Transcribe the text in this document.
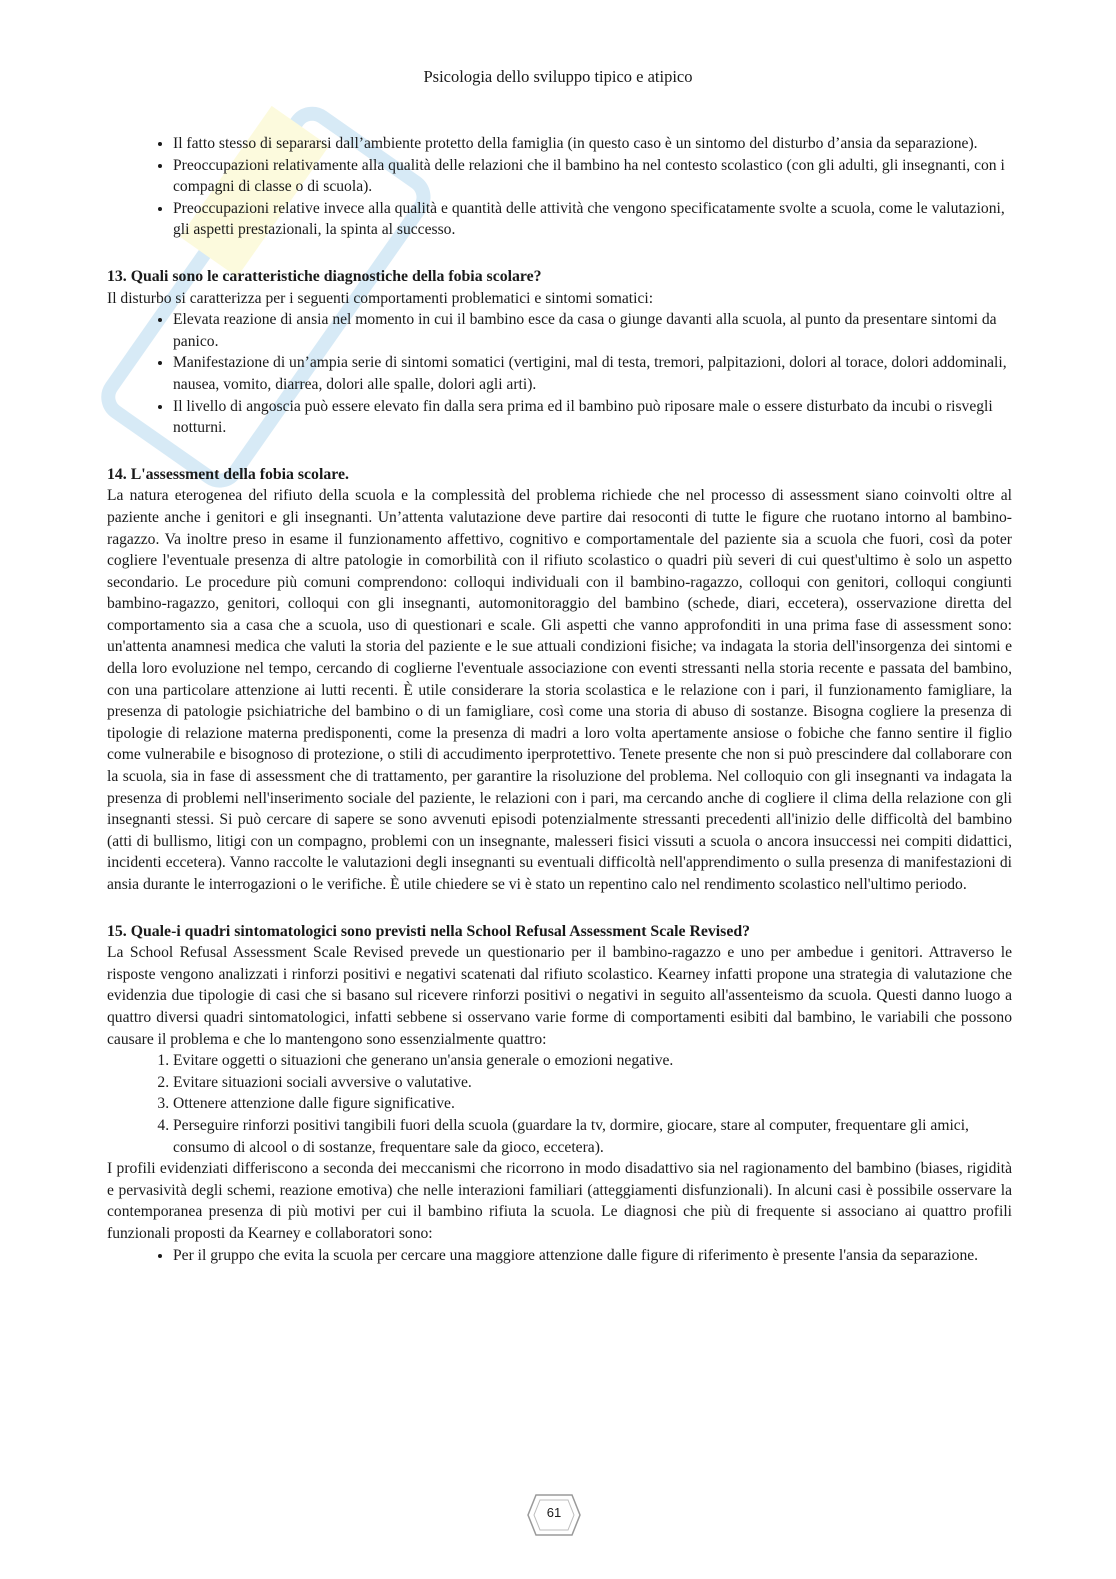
Psicologia dello sviluppo tipico e atipico
• Il fatto stesso di separarsi dall’ambiente protetto della famiglia (in questo caso è un sintomo del disturbo d’ansia da separazione).
• Preoccupazioni relativamente alla qualità delle relazioni che il bambino ha nel contesto scolastico (con gli adulti, gli insegnanti, con i compagni di classe o di scuola).
• Preoccupazioni relative invece alla qualità e quantità delle attività che vengono specificatamente svolte a scuola, come le valutazioni, gli aspetti prestazionali, la spinta al successo.
13. Quali sono le caratteristiche diagnostiche della fobia scolare?

Il disturbo si caratterizza per i seguenti comportamenti problematici e sintomi somatici:

• Elevata reazione di ansia nel momento in cui il bambino esce da casa o giunge davanti alla scuola, al punto da presentare sintomi da panico.
• Manifestazione di un’ampia serie di sintomi somatici (vertigini, mal di testa, tremori, palpitazioni, dolori al torace, dolori addominali, nausea, vomito, diarrea, dolori alle spalle, dolori agli arti).
• Il livello di angoscia può essere elevato fin dalla sera prima ed il bambino può riposare male o essere disturbato da incubi o risvegli notturni.
14. L'assessment della fobia scolare.

La natura eterogenea del rifiuto della scuola e la complessità del problema richiede che nel processo di assessment siano coinvolti oltre al paziente anche i genitori e gli insegnanti. Un’attenta valutazione deve partire dai resoconti di tutte le figure che ruotano intorno al bambino-ragazzo. Va inoltre preso in esame il funzionamento affettivo, cognitivo e comportamentale del paziente sia a scuola che fuori, così da poter cogliere l'eventuale presenza di altre patologie in comorbilità con il rifiuto scolastico o quadri più severi di cui quest'ultimo è solo un aspetto secondario. Le procedure più comuni comprendono: colloqui individuali con il bambino-ragazzo, colloqui con genitori, colloqui congiunti bambino-ragazzo, genitori, colloqui con gli insegnanti, automonitoraggio del bambino (schede, diari, eccetera), osservazione diretta del comportamento sia a casa che a scuola, uso di questionari e scale. Gli aspetti che vanno approfonditi in una prima fase di assessment sono: un'attenta anamnesi medica che valuti la storia del paziente e le sue attuali condizioni fisiche; va indagata la storia dell'insorgenza dei sintomi e della loro evoluzione nel tempo, cercando di coglierne l'eventuale associazione con eventi stressanti nella storia recente e passata del bambino, con una particolare attenzione ai lutti recenti. È utile considerare la storia scolastica e le relazione con i pari, il funzionamento famigliare, la presenza di patologie psichiatriche del bambino o di un famigliare, così come una storia di abuso di sostanze. Bisogna cogliere la presenza di tipologie di relazione materna predisponenti, come la presenza di madri a loro volta apertamente ansiose o fobiche che fanno sentire il figlio come vulnerabile e bisognoso di protezione, o stili di accudimento iperprotettivo. Tenete presente che non si può prescindere dal collaborare con la scuola, sia in fase di assessment che di trattamento, per garantire la risoluzione del problema. Nel colloquio con gli insegnanti va indagata la presenza di problemi nell'inserimento sociale del paziente, le relazioni con i pari, ma cercando anche di cogliere il clima della relazione con gli insegnanti stessi. Si può cercare di sapere se sono avvenuti episodi potenzialmente stressanti precedenti all'inizio delle difficoltà del bambino (atti di bullismo, litigi con un compagno, problemi con un insegnante, malesseri fisici vissuti a scuola o ancora insuccessi nei compiti didattici, incidenti eccetera). Vanno raccolte le valutazioni degli insegnanti su eventuali difficoltà nell'apprendimento o sulla presenza di manifestazioni di ansia durante le interrogazioni o le verifiche. È utile chiedere se vi è stato un repentino calo nel rendimento scolastico nell'ultimo periodo.

15. Quale-i quadri sintomatologici sono previsti nella School Refusal Assessment Scale Revised?

La School Refusal Assessment Scale Revised prevede un questionario per il bambino-ragazzo e uno per ambedue i genitori. Attraverso le risposte vengono analizzati i rinforzi positivi e negativi scatenati dal rifiuto scolastico. Kearney infatti propone una strategia di valutazione che evidenzia due tipologie di casi che si basano sul ricevere rinforzi positivi o negativi in seguito all'assenteismo da scuola. Questi danno luogo a quattro diversi quadri sintomatologici, infatti sebbene si osservano varie forme di comportamenti esibiti dal bambino, le variabili che possono causare il problema e che lo mantengono sono essenzialmente quattro:

1. Evitare oggetti o situazioni che generano un'ansia generale o emozioni negative.
2. Evitare situazioni sociali avversive o valutative.
3. Ottenere attenzione dalle figure significative.
4. Perseguire rinforzi positivi tangibili fuori della scuola (guardare la tv, dormire, giocare, stare al computer, frequentare gli amici, consumo di alcool o di sostanze, frequentare sale da gioco, eccetera).

I profili evidenziati differiscono a seconda dei meccanismi che ricorrono in modo disadattivo sia nel ragionamento del bambino (biases, rigidità e pervasività degli schemi, reazione emotiva) che nelle interazioni familiari (atteggiamenti disfunzionali). In alcuni casi è possibile osservare la contemporanea presenza di più motivi per cui il bambino rifiuta la scuola. Le diagnosi che più di frequente si associano ai quattro profili funzionali proposti da Kearney e collaboratori sono:

• Per il gruppo che evita la scuola per cercare una maggiore attenzione dalle figure di riferimento è presente l'ansia da separazione.
61
